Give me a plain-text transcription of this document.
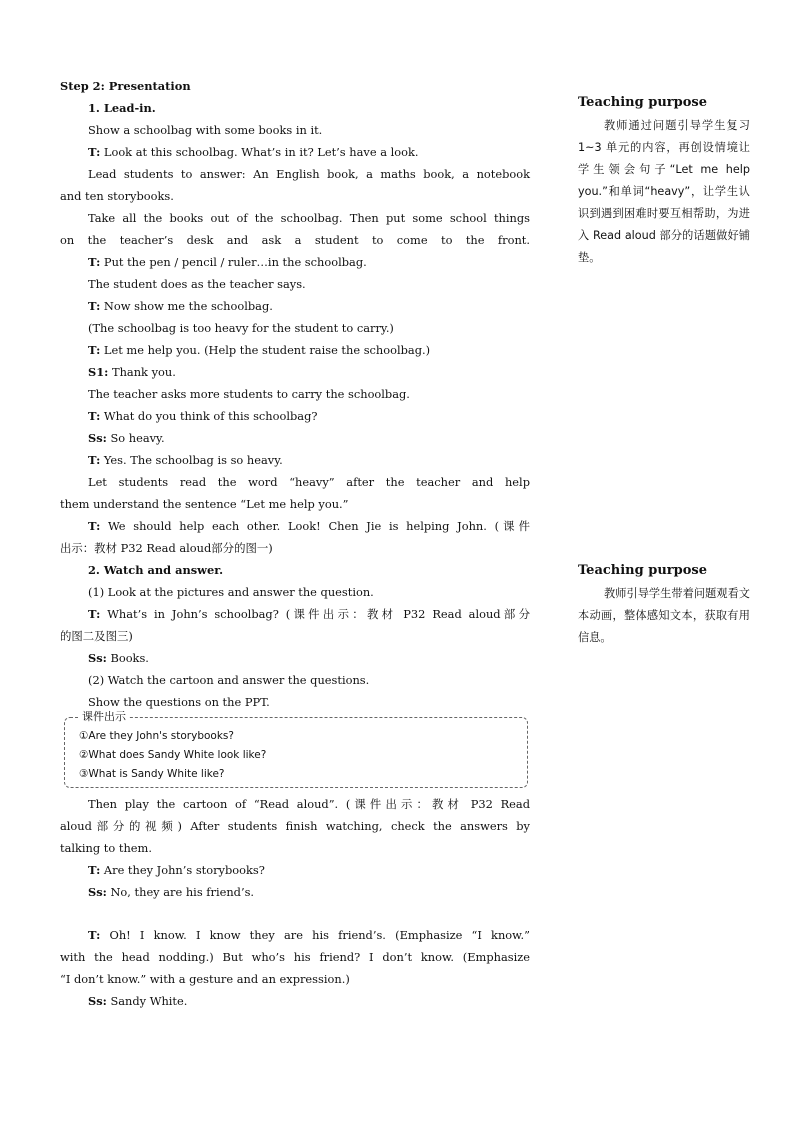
Step 2: Presentation
1. Lead-in.
Show a schoolbag with some books in it.
T: Look at this schoolbag. What’s in it? Let’s have a look.
Lead students to answer: An English book, a maths book, a notebook
and ten storybooks.
Take all the books out of the schoolbag. Then put some school things
on the teacher’s desk and ask a student to come to the front.
T: Put the pen / pencil / ruler…in the schoolbag.
The student does as the teacher says.
T: Now show me the schoolbag.
(The schoolbag is too heavy for the student to carry.)
T: Let me help you. (Help the student raise the schoolbag.)
S1: Thank you.
The teacher asks more students to carry the schoolbag.
T: What do you think of this schoolbag?
Ss: So heavy.
T: Yes. The schoolbag is so heavy.
Let students read the word “heavy” after the teacher and help
them understand the sentence “Let me help you.”
T: We should help each other. Look! Chen Jie is helping John. (课件
出示：教材 P32 Read aloud部分的图一)
2. Watch and answer.
(1) Look at the pictures and answer the question.
T: What’s in John’s schoolbag? (课件出示：教材 P32 Read aloud部分
的图二及图三)
Ss: Books.
(2) Watch the cartoon and answer the questions.
Show the questions on the PPT.
课件出示
①Are they John's storybooks?
②What does Sandy White look like?
③What is Sandy White like?
Then play the cartoon of “Read aloud”. (课件出示：教材 P32 Read
aloud部分的视频) After students finish watching, check the answers by
talking to them.
T: Are they John’s storybooks?
Ss: No, they are his friend’s.
T: Oh! I know. I know they are his friend’s. (Emphasize “I know.”
with the head nodding.) But who’s his friend? I don’t know. (Emphasize
“I don’t know.” with a gesture and an expression.)
Ss: Sandy White.
Teaching purpose
教师通过问题引导学生复习 1~3 单元的内容，再创设情境让学生领会句子“Let me help you.”和单词“heavy”，让学生认识到遇到困难时要互相帮助，为进入 Read aloud 部分的话题做好铺垫。
Teaching purpose
教师引导学生带着问题观看文本动画，整体感知文本，获取有用信息。
